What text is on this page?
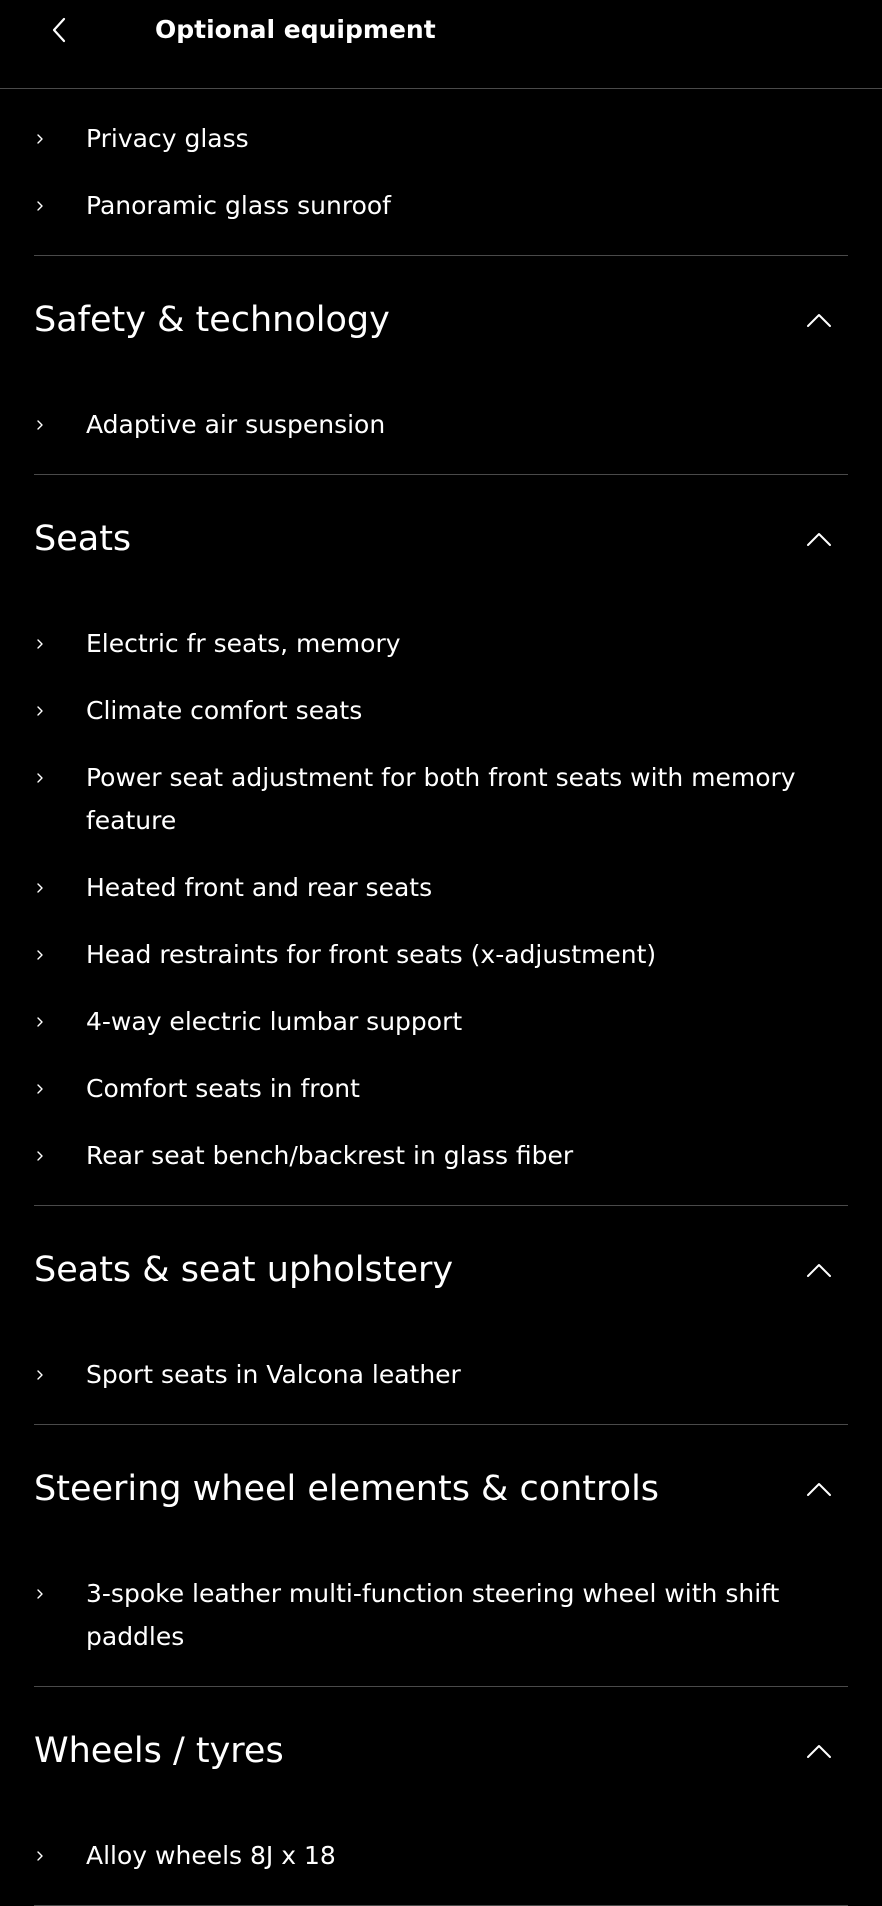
Optional equipment
Privacy glass
Panoramic glass sunroof
Safety & technology
Adaptive air suspension
Seats
Electric fr seats, memory
Climate comfort seats
Power seat adjustment for both front seats with memory feature
Heated front and rear seats
Head restraints for front seats (x-adjustment)
4-way electric lumbar support
Comfort seats in front
Rear seat bench/backrest in glass fiber
Seats & seat upholstery
Sport seats in Valcona leather
Steering wheel elements & controls
3-spoke leather multi-function steering wheel with shift paddles
Wheels / tyres
Alloy wheels 8J x 18
